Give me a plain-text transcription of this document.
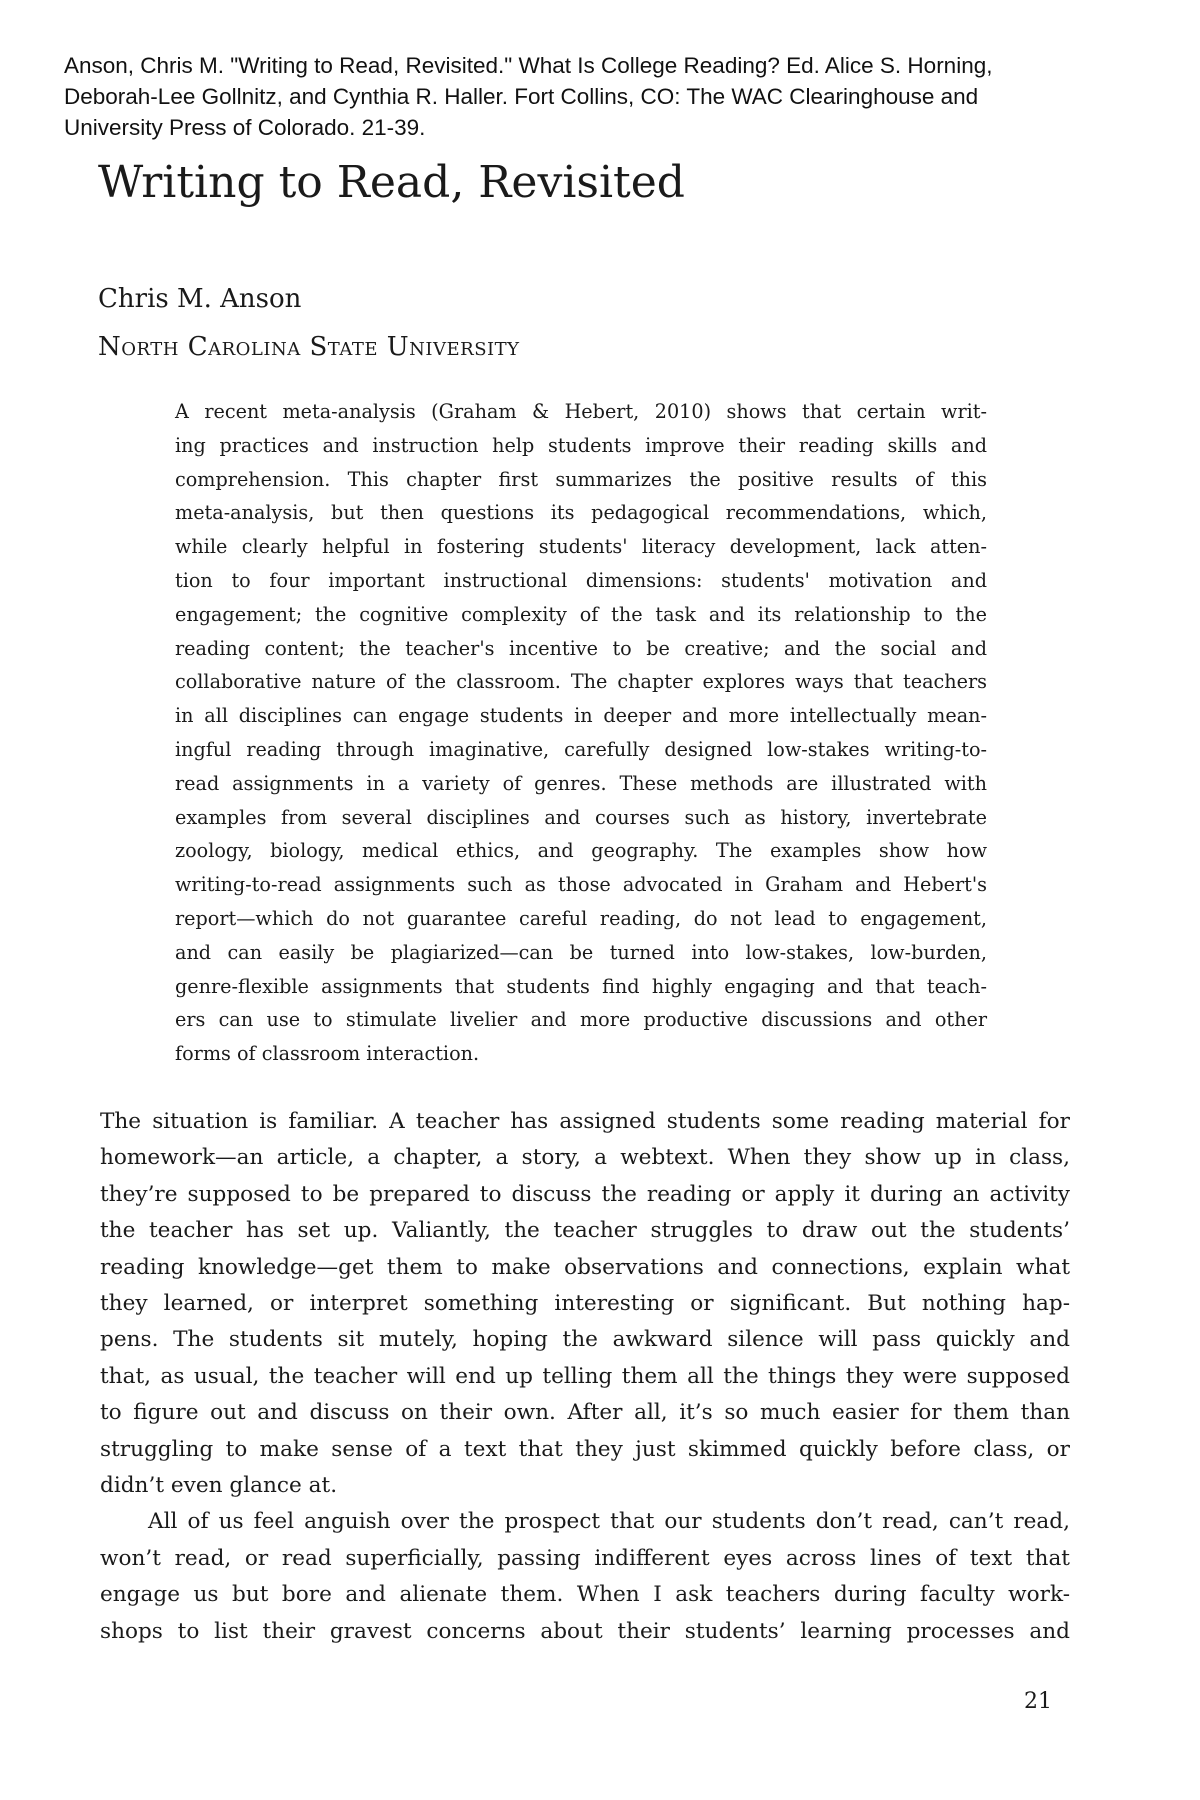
Anson, Chris M. "Writing to Read, Revisited." What Is College Reading? Ed. Alice S. Horning,
Deborah-Lee Gollnitz, and Cynthia R. Haller. Fort Collins, CO: The WAC Clearinghouse and
University Press of Colorado. 21-39.
Writing to Read, Revisited
Chris M. Anson
North Carolina State University
A recent meta-analysis (Graham & Hebert, 2010) shows that certain writ-
ing practices and instruction help students improve their reading skills and
comprehension. This chapter first summarizes the positive results of this
meta-analysis, but then questions its pedagogical recommendations, which,
while clearly helpful in fostering students' literacy development, lack atten-
tion to four important instructional dimensions: students' motivation and
engagement; the cognitive complexity of the task and its relationship to the
reading content; the teacher's incentive to be creative; and the social and
collaborative nature of the classroom. The chapter explores ways that teachers
in all disciplines can engage students in deeper and more intellectually mean-
ingful reading through imaginative, carefully designed low-stakes writing-to-
read assignments in a variety of genres. These methods are illustrated with
examples from several disciplines and courses such as history, invertebrate
zoology, biology, medical ethics, and geography. The examples show how
writing-to-read assignments such as those advocated in Graham and Hebert's
report—which do not guarantee careful reading, do not lead to engagement,
and can easily be plagiarized—can be turned into low-stakes, low-burden,
genre-flexible assignments that students find highly engaging and that teach-
ers can use to stimulate livelier and more productive discussions and other
forms of classroom interaction.
The situation is familiar. A teacher has assigned students some reading material for
homework—an article, a chapter, a story, a webtext. When they show up in class,
they’re supposed to be prepared to discuss the reading or apply it during an activity
the teacher has set up. Valiantly, the teacher struggles to draw out the students’
reading knowledge—get them to make observations and connections, explain what
they learned, or interpret something interesting or significant. But nothing hap-
pens. The students sit mutely, hoping the awkward silence will pass quickly and
that, as usual, the teacher will end up telling them all the things they were supposed
to figure out and discuss on their own. After all, it’s so much easier for them than
struggling to make sense of a text that they just skimmed quickly before class, or
didn’t even glance at.
All of us feel anguish over the prospect that our students don’t read, can’t read,
won’t read, or read superficially, passing indifferent eyes across lines of text that
engage us but bore and alienate them. When I ask teachers during faculty work-
shops to list their gravest concerns about their students’ learning processes and
21
